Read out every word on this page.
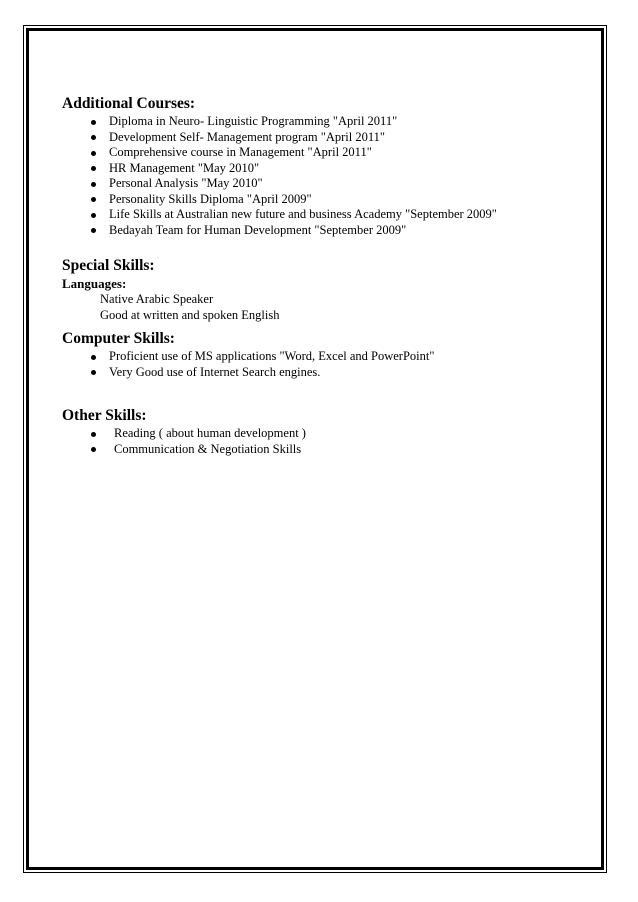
Additional Courses:
Diploma in Neuro- Linguistic Programming "April 2011"
Development Self- Management program "April 2011"
Comprehensive course in Management "April 2011"
HR Management "May 2010"
Personal Analysis "May 2010"
Personality Skills Diploma "April 2009"
Life Skills at Australian new future and business Academy "September 2009"
Bedayah Team for Human Development "September 2009"
Special Skills:
Languages:
Native Arabic Speaker
Good at written and spoken English
Computer Skills:
Proficient use of MS applications "Word, Excel and PowerPoint"
Very Good use of Internet Search engines.
Other Skills:
Reading ( about human development )
Communication & Negotiation Skills
